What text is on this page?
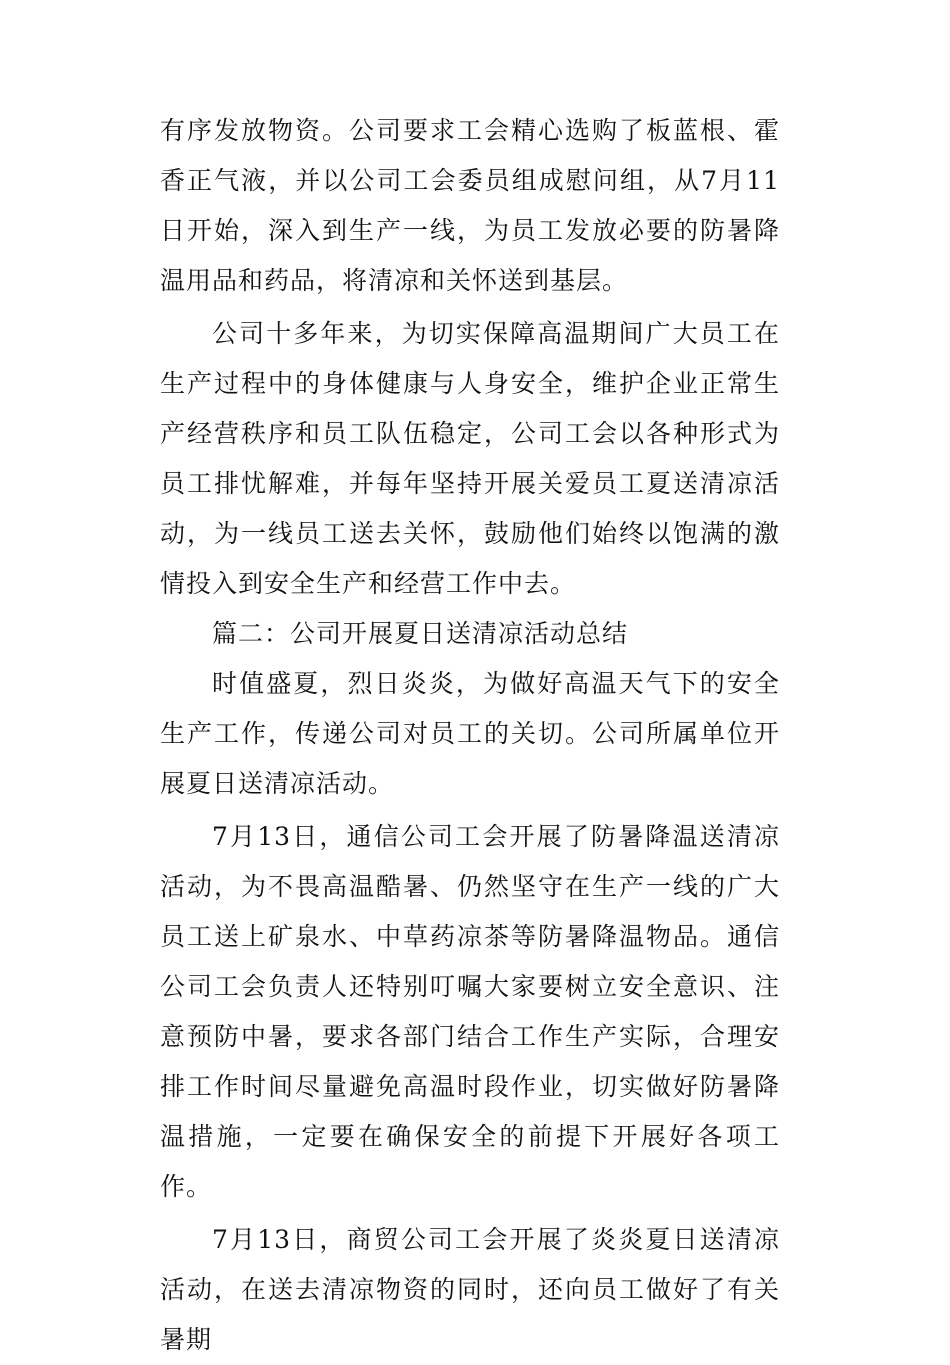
有序发放物资。公司要求工会精心选购了板蓝根、霍香正气液，并以公司工会委员组成慰问组，从7月11日开始，深入到生产一线，为员工发放必要的防暑降温用品和药品，将清凉和关怀送到基层。

公司十多年来，为切实保障高温期间广大员工在生产过程中的身体健康与人身安全，维护企业正常生产经营秩序和员工队伍稳定，公司工会以各种形式为员工排忧解难，并每年坚持开展关爱员工夏送清凉活动，为一线员工送去关怀，鼓励他们始终以饱满的激情投入到安全生产和经营工作中去。

篇二：公司开展夏日送清凉活动总结

时值盛夏，烈日炎炎，为做好高温天气下的安全生产工作，传递公司对员工的关切。公司所属单位开展夏日送清凉活动。

7月13日，通信公司工会开展了防暑降温送清凉活动，为不畏高温酷暑、仍然坚守在生产一线的广大员工送上矿泉水、中草药凉茶等防暑降温物品。通信公司工会负责人还特别叮嘱大家要树立安全意识、注意预防中暑，要求各部门结合工作生产实际，合理安排工作时间尽量避免高温时段作业，切实做好防暑降温措施，一定要在确保安全的前提下开展好各项工作。

7月13日，商贸公司工会开展了炎炎夏日送清凉活动，在送去清凉物资的同时，还向员工做好了有关暑期
